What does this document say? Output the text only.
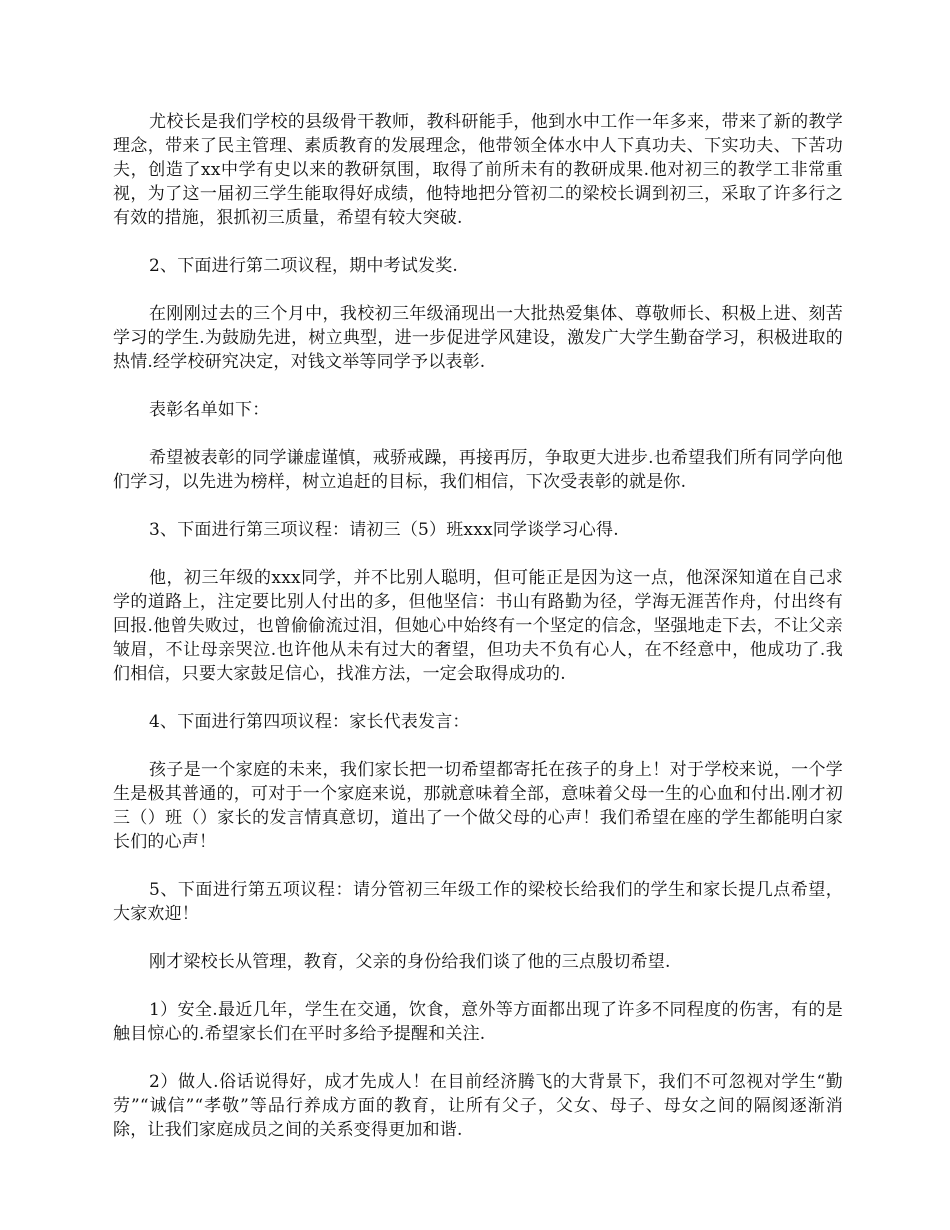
尤校长是我们学校的县级骨干教师，教科研能手，他到水中工作一年多来，带来了新的教学理念，带来了民主管理、素质教育的发展理念，他带领全体水中人下真功夫、下实功夫、下苦功夫，创造了xx中学有史以来的教研氛围，取得了前所未有的教研成果.他对初三的教学工非常重视，为了这一届初三学生能取得好成绩，他特地把分管初二的梁校长调到初三，采取了许多行之有效的措施，狠抓初三质量，希望有较大突破.

2、下面进行第二项议程，期中考试发奖.

在刚刚过去的三个月中，我校初三年级涌现出一大批热爱集体、尊敬师长、积极上进、刻苦学习的学生.为鼓励先进，树立典型，进一步促进学风建设，激发广大学生勤奋学习，积极进取的热情.经学校研究决定，对钱文举等同学予以表彰.

表彰名单如下：

希望被表彰的同学谦虚谨慎，戒骄戒躁，再接再厉，争取更大进步.也希望我们所有同学向他们学习，以先进为榜样，树立追赶的目标，我们相信，下次受表彰的就是你.

3、下面进行第三项议程：请初三（5）班xxx同学谈学习心得.

他，初三年级的xxx同学，并不比别人聪明，但可能正是因为这一点，他深深知道在自己求学的道路上，注定要比别人付出的多，但他坚信：书山有路勤为径，学海无涯苦作舟，付出终有回报.他曾失败过，也曾偷偷流过泪，但她心中始终有一个坚定的信念，坚强地走下去，不让父亲皱眉，不让母亲哭泣.也许他从未有过大的奢望，但功夫不负有心人，在不经意中，他成功了.我们相信，只要大家鼓足信心，找准方法，一定会取得成功的.

4、下面进行第四项议程：家长代表发言：

孩子是一个家庭的未来，我们家长把一切希望都寄托在孩子的身上！对于学校来说，一个学生是极其普通的，可对于一个家庭来说，那就意味着全部，意味着父母一生的心血和付出.刚才初三（）班（）家长的发言情真意切，道出了一个做父母的心声！我们希望在座的学生都能明白家长们的心声！

5、下面进行第五项议程：请分管初三年级工作的梁校长给我们的学生和家长提几点希望，大家欢迎！

刚才梁校长从管理，教育，父亲的身份给我们谈了他的三点殷切希望.

1）安全.最近几年，学生在交通，饮食，意外等方面都出现了许多不同程度的伤害，有的是触目惊心的.希望家长们在平时多给予提醒和关注.

2）做人.俗话说得好，成才先成人！在目前经济腾飞的大背景下，我们不可忽视对学生“勤劳”“诚信”“孝敬”等品行养成方面的教育，让所有父子，父女、母子、母女之间的隔阂逐渐消除，让我们家庭成员之间的关系变得更加和谐.
